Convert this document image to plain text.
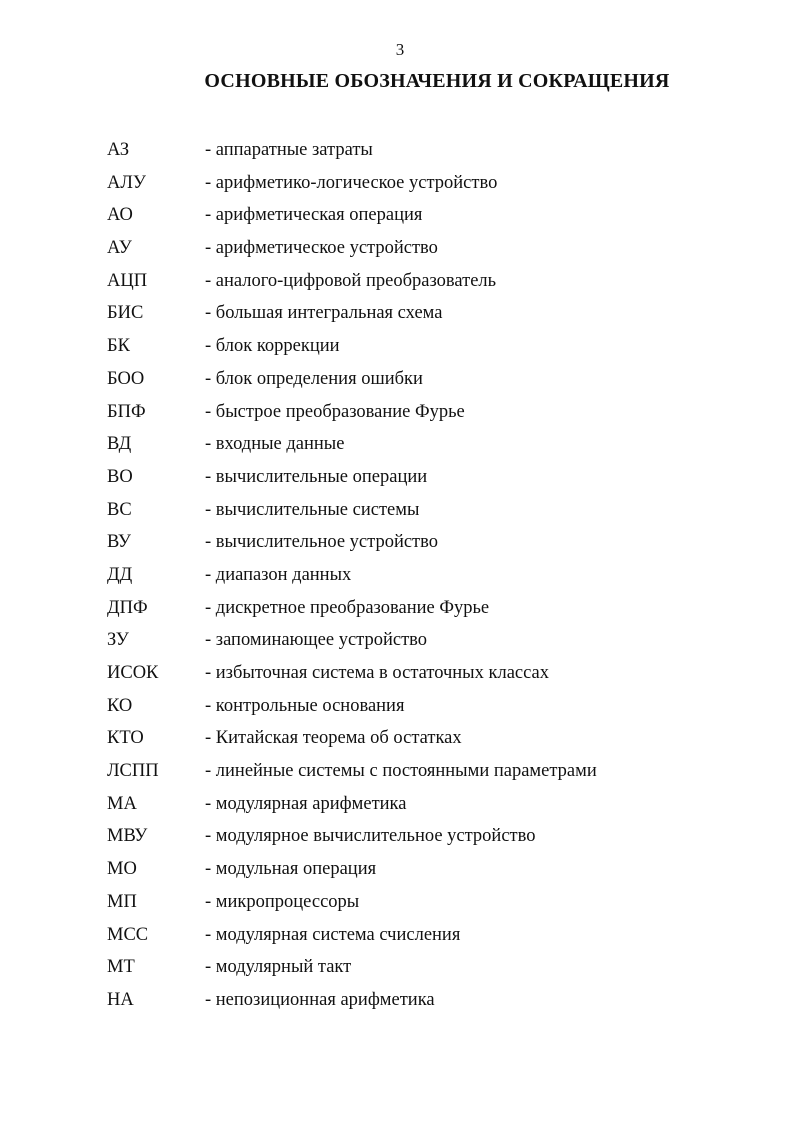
3
ОСНОВНЫЕ ОБОЗНАЧЕНИЯ И СОКРАЩЕНИЯ
АЗ	- аппаратные затраты
АЛУ	- арифметико-логическое устройство
АО	- арифметическая операция
АУ	- арифметическое устройство
АЦП	- аналого-цифровой преобразователь
БИС	- большая интегральная схема
БК	- блок коррекции
БОО	- блок определения ошибки
БПФ	- быстрое преобразование Фурье
ВД	- входные данные
ВО	- вычислительные операции
ВС	- вычислительные системы
ВУ	- вычислительное устройство
ДД	- диапазон данных
ДПФ	- дискретное преобразование Фурье
ЗУ	- запоминающее устройство
ИСОК	- избыточная система в остаточных классах
КО	- контрольные основания
КТО	- Китайская теорема об остатках
ЛСПП	- линейные системы с постоянными параметрами
МА	- модулярная арифметика
МВУ	- модулярное вычислительное устройство
МО	- модульная операция
МП	- микропроцессоры
МСС	- модулярная система счисления
МТ	- модулярный такт
НА	- непозиционная арифметика
